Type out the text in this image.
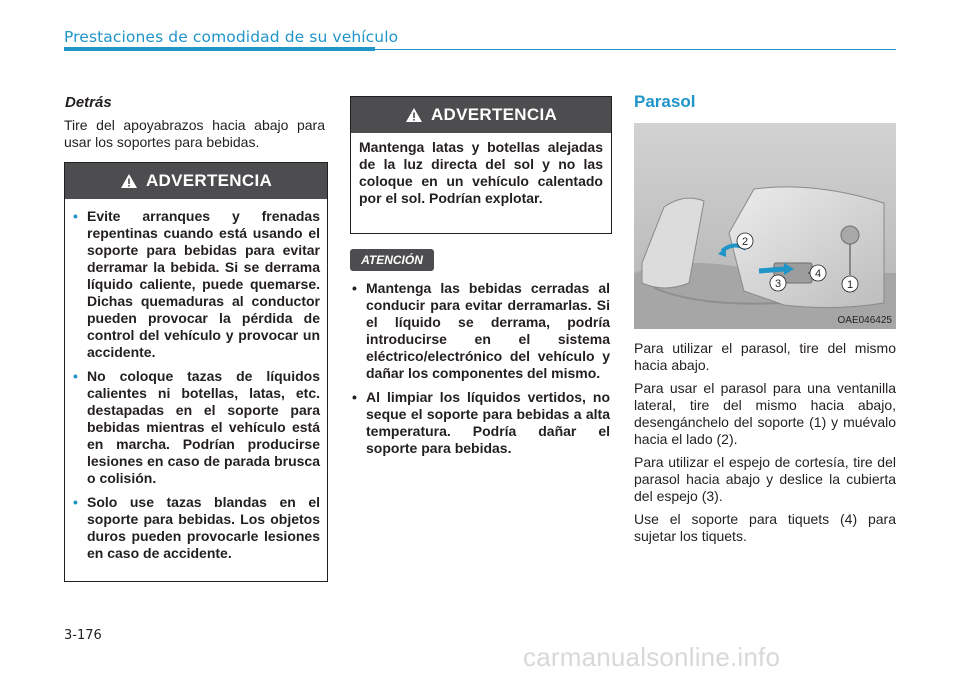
Prestaciones de comodidad de su vehículo
Detrás
Tire del apoyabrazos hacia abajo para usar los soportes para bebidas.
ADVERTENCIA
• Evite arranques y frenadas repentinas cuando está usando el soporte para bebidas para evitar derramar la bebida. Si se derrama líquido caliente, puede quemarse. Dichas quemaduras al conductor pueden provocar la pérdida de control del vehículo y provocar un accidente.
• No coloque tazas de líquidos calientes ni botellas, latas, etc. destapadas en el soporte para bebidas mientras el vehículo está en marcha. Podrían producirse lesiones en caso de parada brusca o colisión.
• Solo use tazas blandas en el soporte para bebidas. Los objetos duros pueden provocarle lesiones en caso de accidente.
ADVERTENCIA
Mantenga latas y botellas alejadas de la luz directa del sol y no las coloque en un vehículo calentado por el sol. Podrían explotar.
ATENCIÓN
• Mantenga las bebidas cerradas al conducir para evitar derramarlas. Si el líquido se derrama, podría introducirse en el sistema eléctrico/electrónico del vehículo y dañar los componentes del mismo.
• Al limpiar los líquidos vertidos, no seque el soporte para bebidas a alta temperatura. Podría dañar el soporte para bebidas.
Parasol
1
2
3
4
OAE046425

Para utilizar el parasol, tire del mismo hacia abajo.

Para usar el parasol para una ventanilla lateral, tire del mismo hacia abajo, desengánchelo del soporte (1) y muévalo hacia el lado (2).

Para utilizar el espejo de cortesía, tire del parasol hacia abajo y deslice la cubierta del espejo (3).

Use el soporte para tiquets (4) para sujetar los tiquets.

3-176
carmanualsonline.info
